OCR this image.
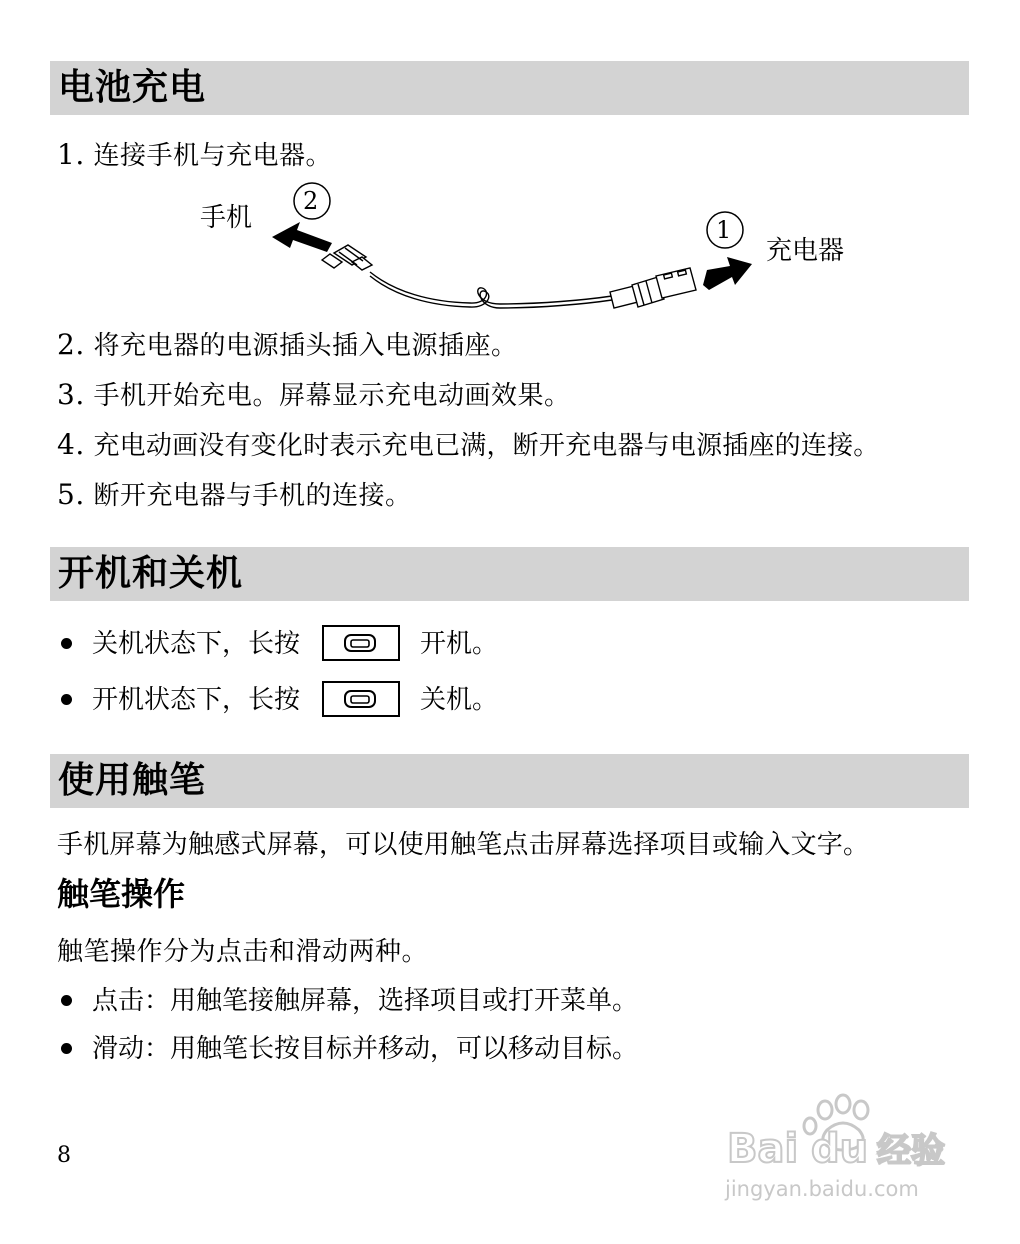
电池充电
1. 连接手机与充电器。
手机
2
1
充电器
2. 将充电器的电源插头插入电源插座。
3. 手机开始充电。屏幕显示充电动画效果。
4. 充电动画没有变化时表示充电已满，断开充电器与电源插座的连接。
5. 断开充电器与手机的连接。
开机和关机
关机状态下，长按	开机。
开机状态下，长按	关机。
使用触笔
手机屏幕为触感式屏幕，可以使用触笔点击屏幕选择项目或输入文字。
触笔操作
触笔操作分为点击和滑动两种。
点击：用触笔接触屏幕，选择项目或打开菜单。
滑动：用触笔长按目标并移动，可以移动目标。
8	Bai du 经验
jingyan.baidu.com
